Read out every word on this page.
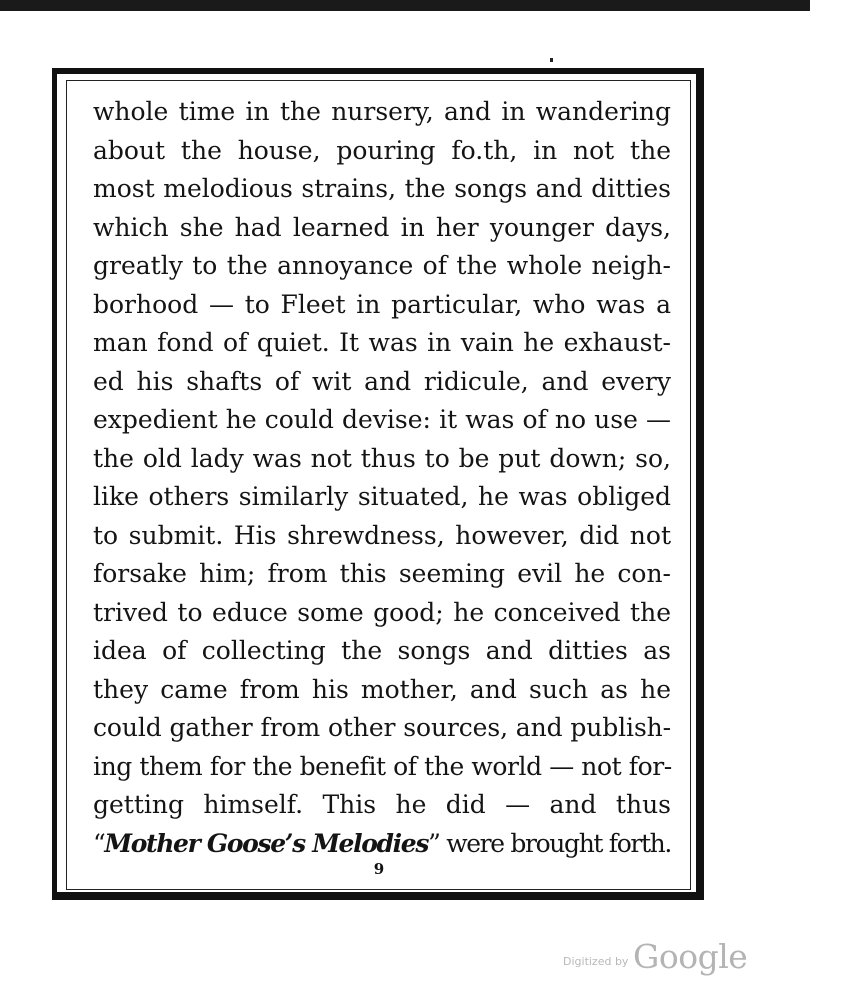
whole time in the nursery, and in wandering
about the house, pouring fo.th, in not the
most melodious strains, the songs and ditties
which she had learned in her younger days,
greatly to the annoyance of the whole neigh-
borhood — to Fleet in particular, who was a
man fond of quiet. It was in vain he exhaust-
ed his shafts of wit and ridicule, and every
expedient he could devise: it was of no use —
the old lady was not thus to be put down; so,
like others similarly situated, he was obliged
to submit. His shrewdness, however, did not
forsake him; from this seeming evil he con-
trived to educe some good; he conceived the
idea of collecting the songs and ditties as
they came from his mother, and such as he
could gather from other sources, and publish-
ing them for the benefit of the world — not for-
getting himself. This he did — and thus
“Mother Goose’s Melodies” were brought forth.
9
Digitized by Google
